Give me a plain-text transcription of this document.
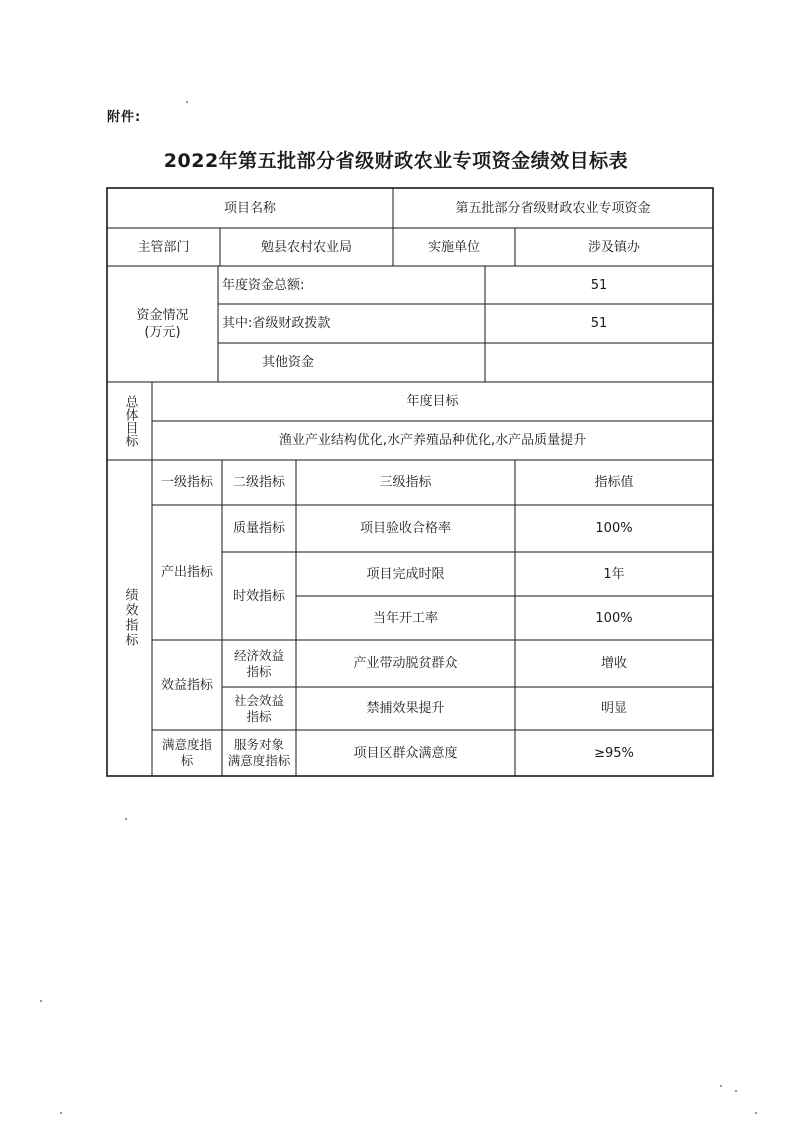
附件:
2022年第五批部分省级财政农业专项资金绩效目标表
项目名称	第五批部分省级财政农业专项资金
主管部门	勉县农村农业局	实施单位	涉及镇办
资金情况
(万元)
年度资金总额:	51
其中:省级财政拨款	51
其他资金
总体目标	年度目标
渔业产业结构优化,水产养殖品种优化,水产品质量提升
绩效指标
一级指标	二级指标	三级指标	指标值
产出指标
质量指标	项目验收合格率	100%
时效指标
项目完成时限	1年
当年开工率	100%
效益指标
经济效益指标	产业带动脱贫群众	增收
社会效益指标	禁捕效果提升	明显
满意度指标
服务对象
满意度指标	项目区群众满意度	≥95%
